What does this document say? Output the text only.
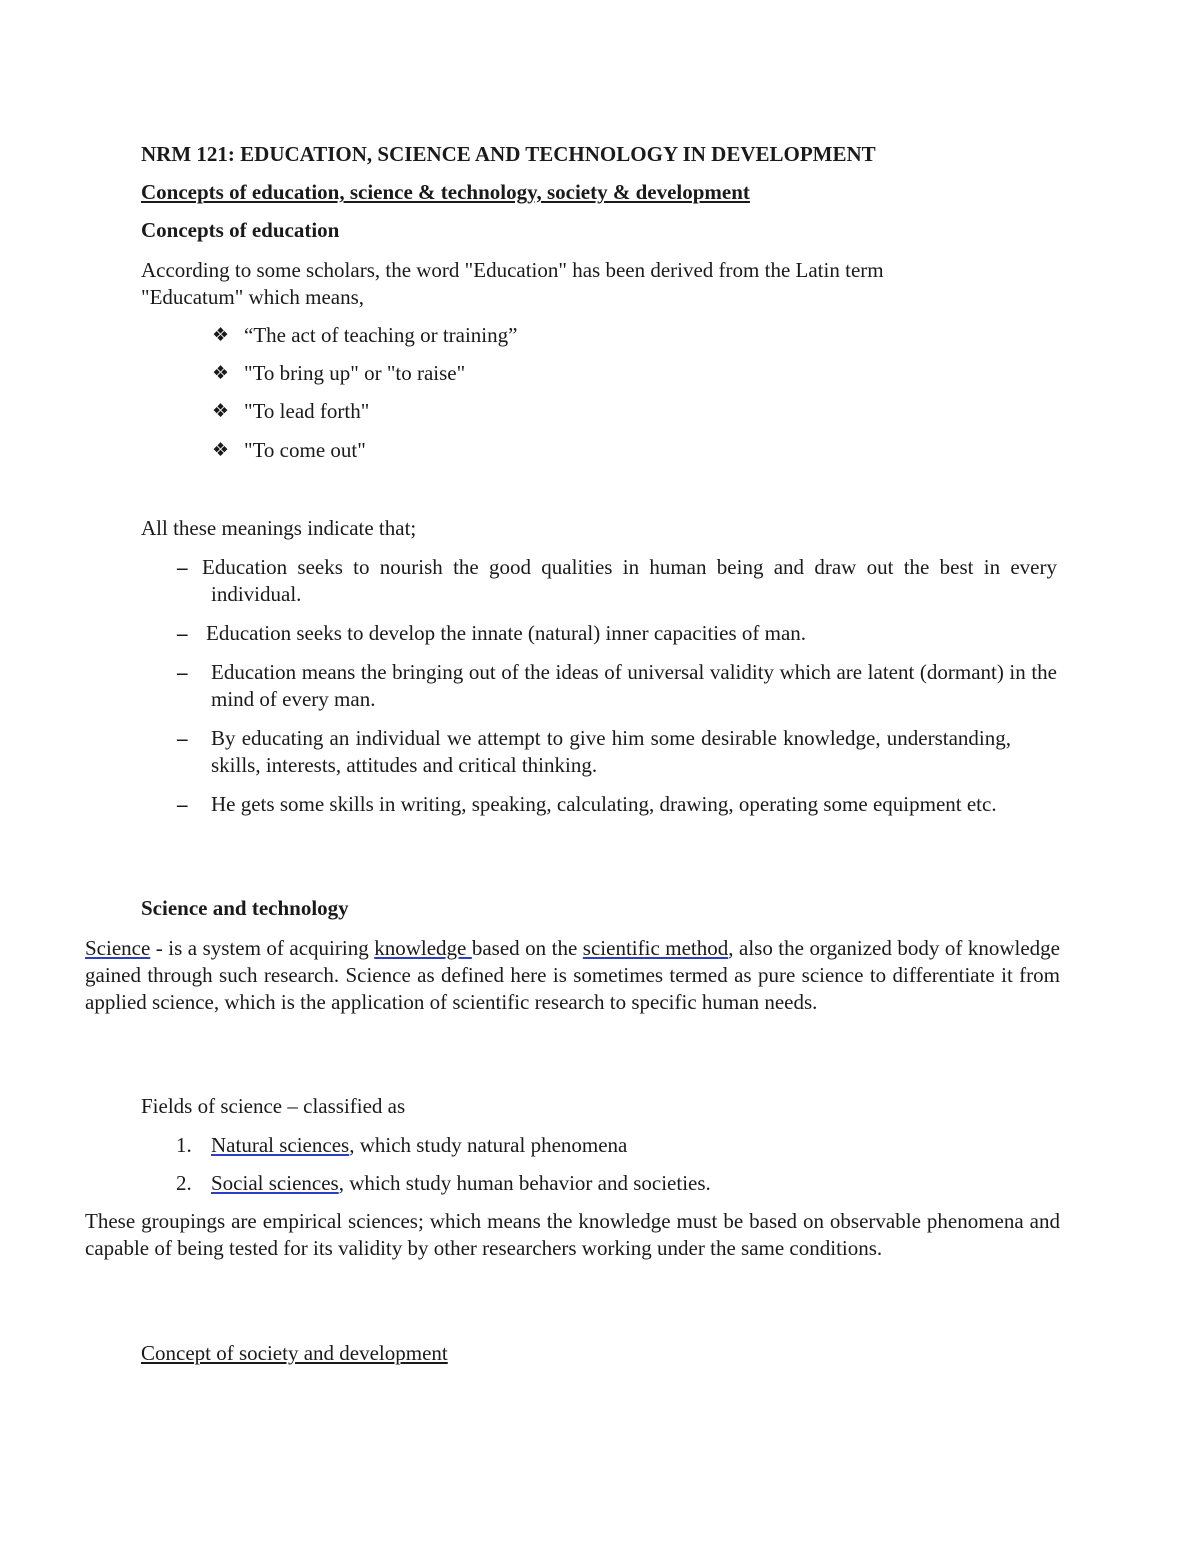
NRM 121: EDUCATION, SCIENCE AND TECHNOLOGY IN DEVELOPMENT
Concepts of education, science & technology, society & development
Concepts of education
According to some scholars, the word "Education" has been derived from the Latin term
"Educatum" which means,
❖ “The act of teaching or training”
❖ "To bring up" or "to raise"
❖ "To lead forth"
❖ "To come out"
All these meanings indicate that;
– Education seeks to nourish the good qualities in human being and draw out the best in every individual.
– Education seeks to develop the innate (natural) inner capacities of man.
– Education means the bringing out of the ideas of universal validity which are latent (dormant) in the mind of every man.
– By educating an individual we attempt to give him some desirable knowledge, understanding, skills, interests, attitudes and critical thinking.
– He gets some skills in writing, speaking, calculating, drawing, operating some equipment etc.
Science and technology
Science - is a system of acquiring knowledge based on the scientific method, also the organized body of knowledge gained through such research. Science as defined here is sometimes termed as pure science to differentiate it from applied science, which is the application of scientific research to specific human needs.
Fields of science – classified as
1. Natural sciences, which study natural phenomena
2. Social sciences, which study human behavior and societies.
These groupings are empirical sciences; which means the knowledge must be based on observable phenomena and capable of being tested for its validity by other researchers working under the same conditions.
Concept of society and development
